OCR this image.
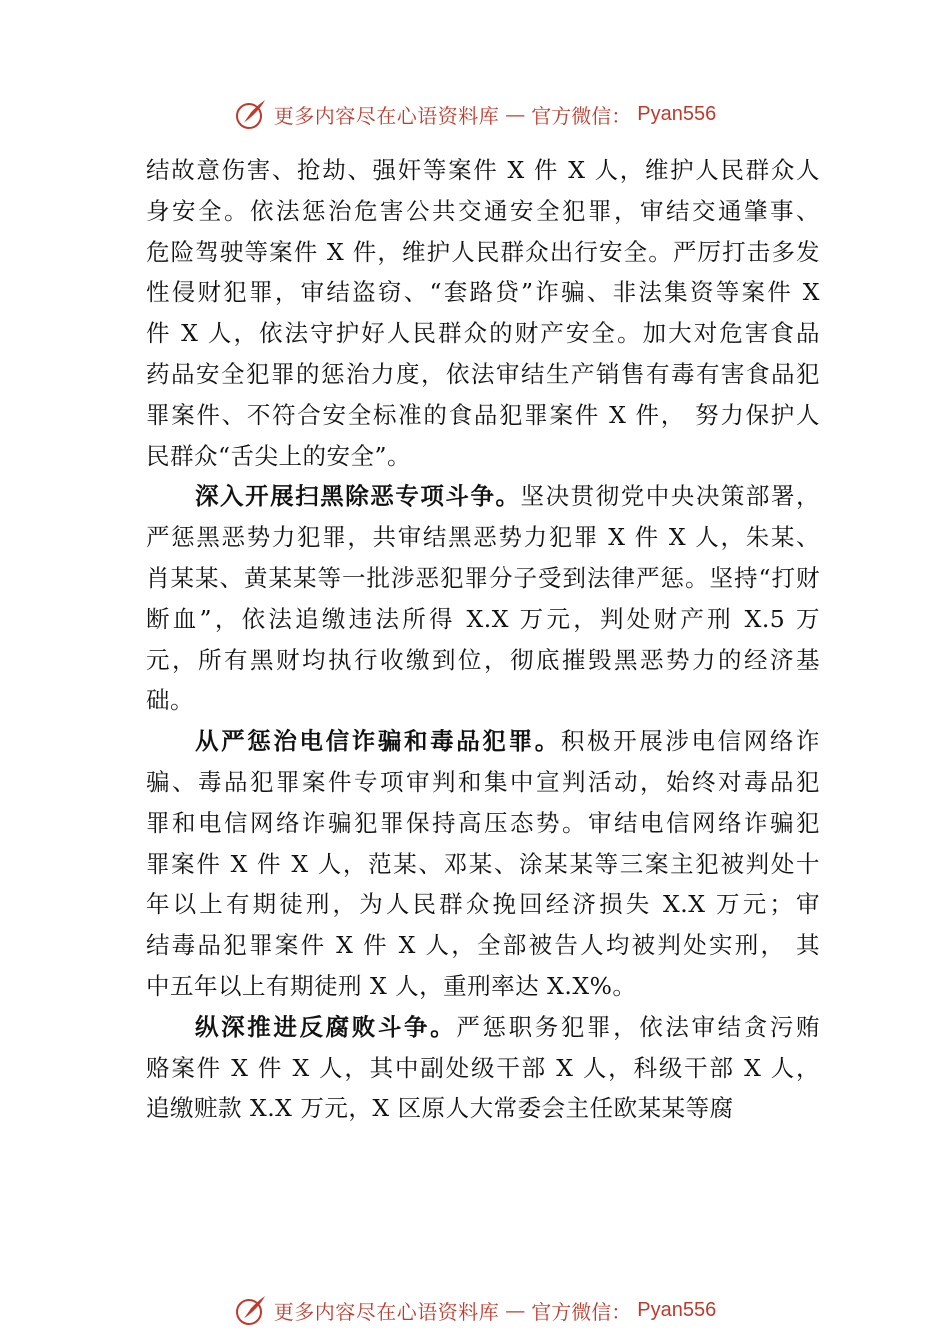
更多内容尽在心语资料库 — 官方微信： Pyan556
结故意伤害、抢劫、强奸等案件 X 件 X 人，维护人民群众人
身安全。依法惩治危害公共交通安全犯罪，审结交通肇事、
危险驾驶等案件 X 件，维护人民群众出行安全。严厉打击多发
性侵财犯罪，审结盗窃、“套路贷”诈骗、非法集资等案件 X
件 X 人，依法守护好人民群众的财产安全。加大对危害食品
药品安全犯罪的惩治力度，依法审结生产销售有毒有害食品犯
罪案件、不符合安全标准的食品犯罪案件 X 件， 努力保护人
民群众“舌尖上的安全”。
深入开展扫黑除恶专项斗争。坚决贯彻党中央决策部署，
严惩黑恶势力犯罪，共审结黑恶势力犯罪 X 件 X 人，朱某、
肖某某、黄某某等一批涉恶犯罪分子受到法律严惩。坚持“打财
断血”，依法追缴违法所得 X.X 万元，判处财产刑 X.5 万
元，所有黑财均执行收缴到位，彻底摧毁黑恶势力的经济基
础。
从严惩治电信诈骗和毒品犯罪。积极开展涉电信网络诈
骗、毒品犯罪案件专项审判和集中宣判活动，始终对毒品犯
罪和电信网络诈骗犯罪保持高压态势。审结电信网络诈骗犯
罪案件 X 件 X 人，范某、邓某、涂某某等三案主犯被判处十
年以上有期徒刑，为人民群众挽回经济损失 X.X 万元；审
结毒品犯罪案件 X 件 X 人，全部被告人均被判处实刑， 其
中五年以上有期徒刑 X 人，重刑率达 X.X%。
纵深推进反腐败斗争。严惩职务犯罪，依法审结贪污贿
赂案件 X 件 X 人，其中副处级干部 X 人，科级干部 X 人，
追缴赃款 X.X 万元，X 区原人大常委会主任欧某某等腐
更多内容尽在心语资料库 — 官方微信： Pyan556
